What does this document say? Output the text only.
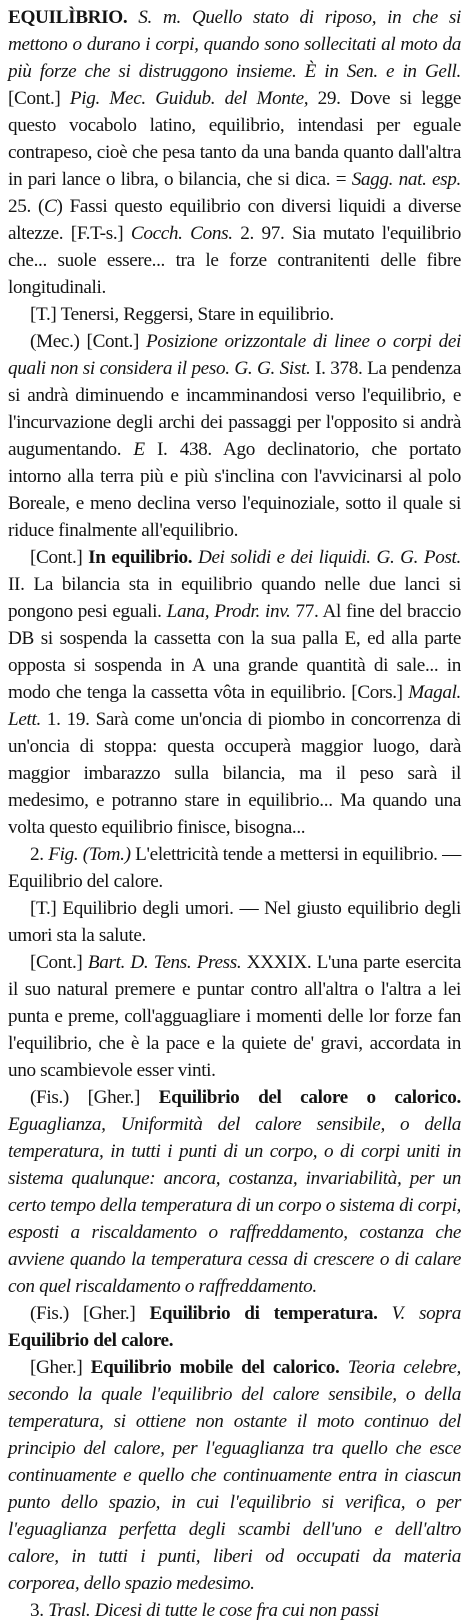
EQUILÌBRIO. S. m. Quello stato di riposo, in che si mettono o durano i corpi, quando sono sollecitati al moto da più forze che si distruggono insieme. È in Sen. e in Gell. [Cont.] Pig. Mec. Guidub. del Monte, 29. Dove si legge questo vocabolo latino, equilibrio, intendasi per eguale contrapeso, cioè che pesa tanto da una banda quanto dall'altra in pari lance o libra, o bilancia, che si dica. = Sagg. nat. esp. 25. (C) Fassi questo equilibrio con diversi liquidi a diverse altezze. [F.T-s.] Cocch. Cons. 2. 97. Sia mutato l'equilibrio che... suole essere... tra le forze contranitenti delle fibre longitudinali.

[T.] Tenersi, Reggersi, Stare in equilibrio.

(Mec.) [Cont.] Posizione orizzontale di linee o corpi dei quali non si considera il peso. G. G. Sist. I. 378. La pendenza si andrà diminuendo e incamminandosi verso l'equilibrio, e l'incurvazione degli archi dei passaggi per l'opposito si andrà augumentando. E I. 438. Ago declinatorio, che portato intorno alla terra più e più s'inclina con l'avvicinarsi al polo Boreale, e meno declina verso l'equinoziale, sotto il quale si riduce finalmente all'equilibrio.

[Cont.] In equilibrio. Dei solidi e dei liquidi. G. G. Post. II. La bilancia sta in equilibrio quando nelle due lanci si pongono pesi eguali. Lana, Prodr. inv. 77. Al fine del braccio DB si sospenda la cassetta con la sua palla E, ed alla parte opposta si sospenda in A una grande quantità di sale... in modo che tenga la cassetta vôta in equilibrio. [Cors.] Magal. Lett. 1. 19. Sarà come un'oncia di piombo in concorrenza di un'oncia di stoppa: questa occuperà maggior luogo, darà maggior imbarazzo sulla bilancia, ma il peso sarà il medesimo, e potranno stare in equilibrio... Ma quando una volta questo equilibrio finisce, bisogna...

2. Fig. (Tom.) L'elettricità tende a mettersi in equilibrio. — Equilibrio del calore.

[T.] Equilibrio degli umori. — Nel giusto equilibrio degli umori sta la salute.

[Cont.] Bart. D. Tens. Press. XXXIX. L'una parte esercita il suo natural premere e puntar contro all'altra o l'altra a lei punta e preme, coll'agguagliare i momenti delle lor forze fan l'equilibrio, che è la pace e la quiete de' gravi, accordata in uno scambievole esser vinti.

(Fis.) [Gher.] Equilibrio del calore o calorico. Eguaglianza, Uniformità del calore sensibile, o della temperatura, in tutti i punti di un corpo, o di corpi uniti in sistema qualunque: ancora, costanza, invariabilità, per un certo tempo della temperatura di un corpo o sistema di corpi, esposti a riscaldamento o raffreddamento, costanza che avviene quando la temperatura cessa di crescere o di calare con quel riscaldamento o raffreddamento.

(Fis.) [Gher.] Equilibrio di temperatura. V. sopra Equilibrio del calore.

[Gher.] Equilibrio mobile del calorico. Teoria celebre, secondo la quale l'equilibrio del calore sensibile, o della temperatura, si ottiene non ostante il moto continuo del principio del calore, per l'eguaglianza tra quello che esce continuamente e quello che continuamente entra in ciascun punto dello spazio, in cui l'equilibrio si verifica, o per l'eguaglianza perfetta degli scambi dell'uno e dell'altro calore, in tutti i punti, liberi od occupati da materia corporea, dello spazio medesimo.

3. Trasl. Dicesi di tutte le cose fra cui non passi
